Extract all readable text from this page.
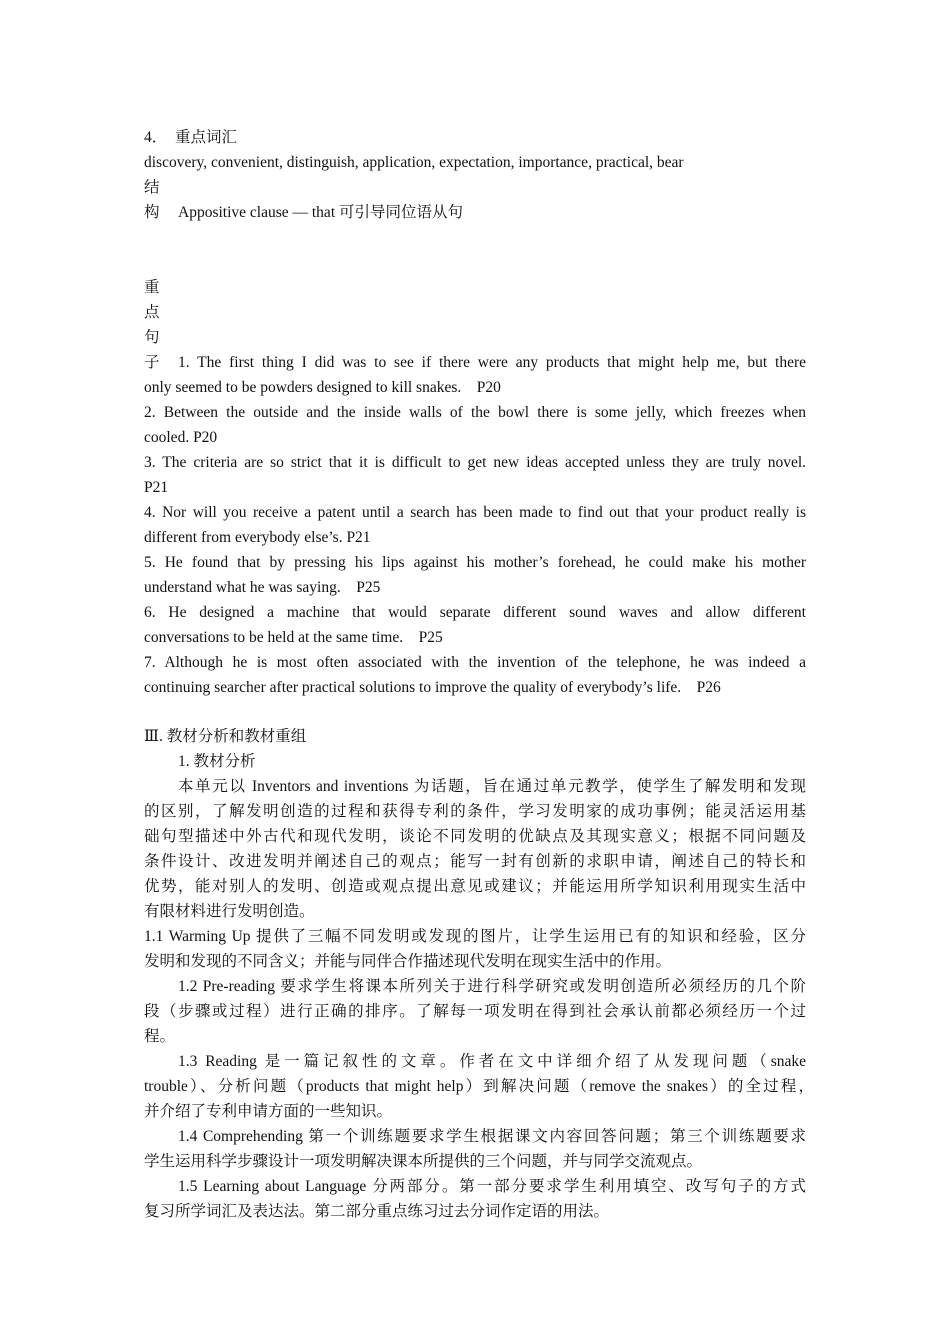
4．　重点词汇
discovery, convenient, distinguish, application, expectation, importance, practical, bear
结
构 Appositive clause — that 可引导同位语从句
重
点
句
子 1. The first thing I did was to see if there were any products that might help me, but there
only seemed to be powders designed to kill snakes.　P20
2. Between the outside and the inside walls of the bowl there is some jelly, which freezes when
cooled. P20
3. The criteria are so strict that it is difficult to get new ideas accepted unless they are truly novel.
P21
4. Nor will you receive a patent until a search has been made to find out that your product really is
different from everybody else’s. P21
5. He found that by pressing his lips against his mother’s forehead, he could make his mother
understand what he was saying.　P25
6. He designed a machine that would separate different sound waves and allow different
conversations to be held at the same time.　P25
7. Although he is most often associated with the invention of the telephone, he was indeed a
continuing searcher after practical solutions to improve the quality of everybody’s life.　P26
Ⅲ. 教材分析和教材重组
1. 教材分析
本单元以 Inventors and inventions 为话题，旨在通过单元教学，使学生了解发明和发现
的区别，了解发明创造的过程和获得专利的条件，学习发明家的成功事例；能灵活运用基
础句型描述中外古代和现代发明，谈论不同发明的优缺点及其现实意义；根据不同问题及
条件设计、改进发明并阐述自己的观点；能写一封有创新的求职申请，阐述自己的特长和
优势，能对别人的发明、创造或观点提出意见或建议；并能运用所学知识利用现实生活中
有限材料进行发明创造。
1.1 Warming Up 提供了三幅不同发明或发现的图片，让学生运用已有的知识和经验，区分
发明和发现的不同含义；并能与同伴合作描述现代发明在现实生活中的作用。
1.2 Pre-reading 要求学生将课本所列关于进行科学研究或发明创造所必须经历的几个阶
段（步骤或过程）进行正确的排序。了解每一项发明在得到社会承认前都必须经历一个过
程。
1.3 Reading 是一篇记叙性的文章。作者在文中详细介绍了从发现问题（snake
trouble）、分析问题（products that might help）到解决问题（remove the snakes）的全过程，
并介绍了专利申请方面的一些知识。
1.4 Comprehending 第一个训练题要求学生根据课文内容回答问题；第三个训练题要求
学生运用科学步骤设计一项发明解决课本所提供的三个问题，并与同学交流观点。
1.5 Learning about Language 分两部分。第一部分要求学生利用填空、改写句子的方式
复习所学词汇及表达法。第二部分重点练习过去分词作定语的用法。
